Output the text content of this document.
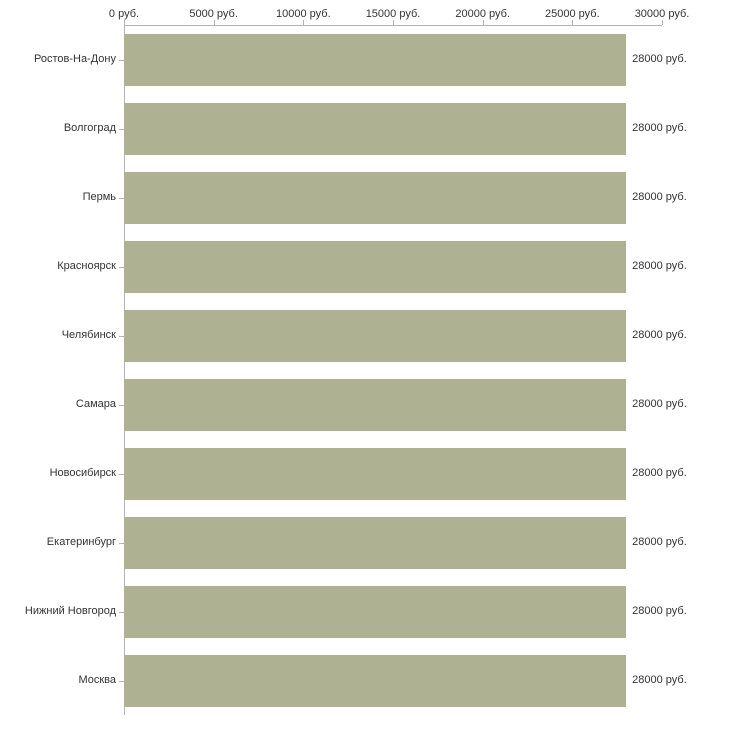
0 руб.	5000 руб.	10000 руб.	15000 руб.	20000 руб.	25000 руб.	30000 руб.
Ростов-На-Дону
Волгоград
Пермь
Красноярск
Челябинск
Самара
Новосибирск
Екатеринбург
Нижний Новгород
Москва
28000 руб.
28000 руб.
28000 руб.
28000 руб.
28000 руб.
28000 руб.
28000 руб.
28000 руб.
28000 руб.
28000 руб.
